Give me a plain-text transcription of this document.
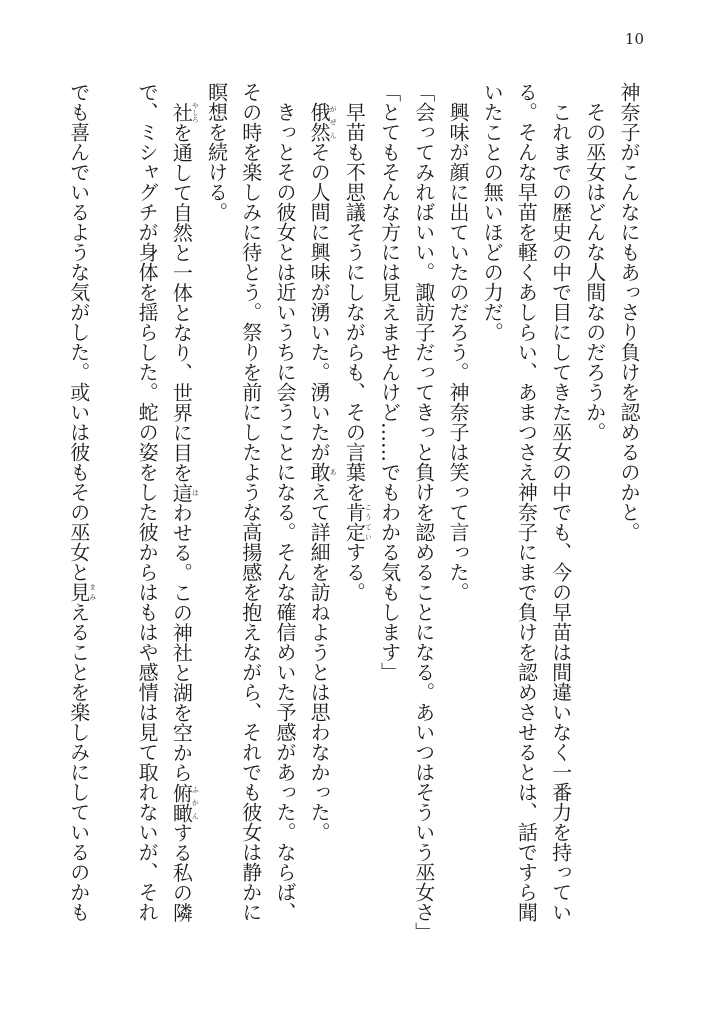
10

神奈子がこんなにもあっさり負けを認めるのかと。

その巫女はどんな人間なのだろうか。

これまでの歴史の中で目にしてきた巫女の中でも、今の早苗は間違いなく一番力を持ってい
る。そんな早苗を軽くあしらい、あまつさえ神奈子にまで負けを認めさせるとは、話ですら聞
いたことの無いほどの力だ。

興味が顔に出ていたのだろう。神奈子は笑って言った。

「会ってみればいい。諏訪子だってきっと負けを認めることになる。あいつはそういう巫女さ」

「とてもそんな方には見えませんけど……でもわかる気もします」

早苗も不思議そうにしながらも、その言葉を肯定こうていする。

俄然がぜんその人間に興味が湧いた。湧いたが敢あえて詳細を訪ねようとは思わなかった。

きっとその彼女とは近いうちに会うことになる。そんな確信めいた予感があった。ならば、
その時を楽しみに待とう。祭りを前にしたような高揚感を抱えながら、それでも彼女は静かに
瞑想を続ける。

社やしろを通して自然と一体となり、世界に目を這はわせる。この神社と湖を空から俯瞰ふかんする私の隣
で、ミシャグチが身体を揺らした。蛇の姿をした彼からはもはや感情は見て取れないが、それ

でも喜んでいるような気がした。或いは彼もその巫女と見まみえることを楽しみにしているのかも
